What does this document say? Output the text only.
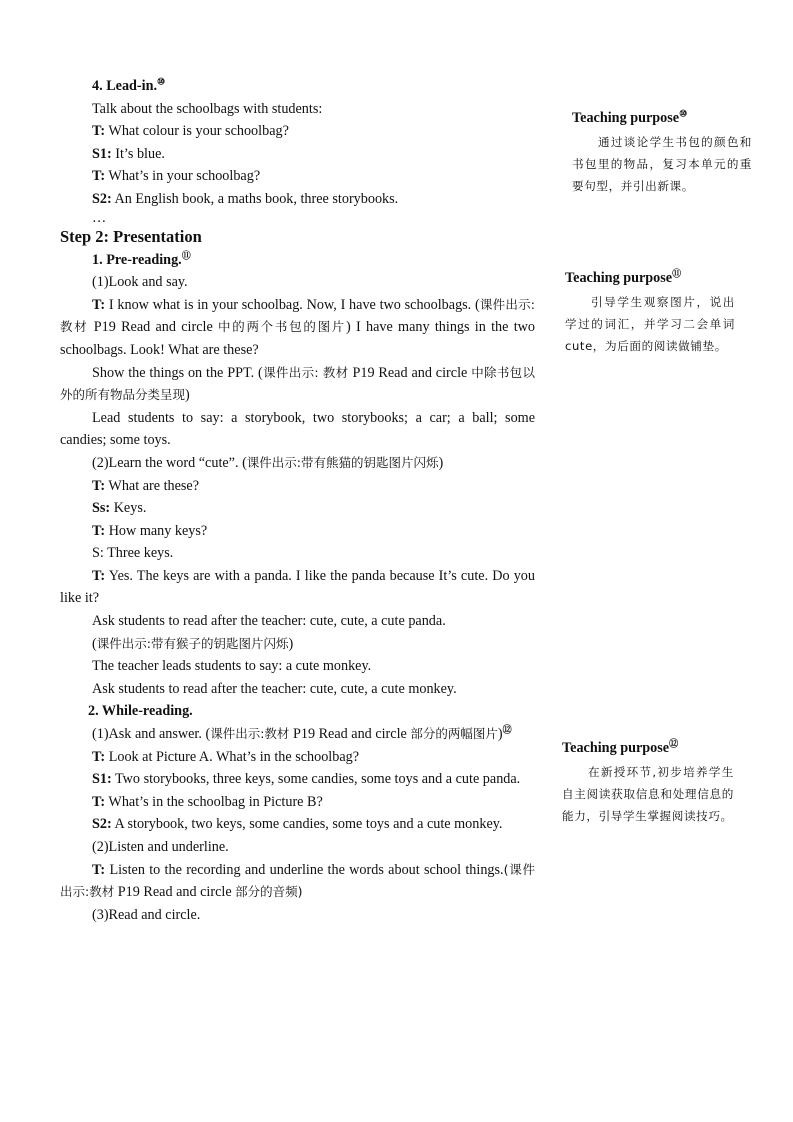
4. Lead-in.⑩

Talk about the schoolbags with students:

T: What colour is your schoolbag?

S1: It’s blue.

T: What’s in your schoolbag?

S2: An English book, a maths book, three storybooks.

…

Step 2: Presentation

1. Pre-reading.⑪

(1)Look and say.

T: I know what is in your schoolbag. Now, I have two schoolbags. (课件出示:教材 P19 Read and circle 中的两个书包的图片) I have many things in the two schoolbags. Look! What are these?

Show the things on the PPT. (课件出示: 教材 P19 Read and circle 中除书包以外的所有物品分类呈现)

Lead students to say: a storybook, two storybooks; a car; a ball; some candies; some toys.

(2)Learn the word “cute”. (课件出示:带有熊猫的钥匙图片闪烁)

T: What are these?

Ss: Keys.

T: How many keys?

S: Three keys.

T: Yes. The keys are with a panda. I like the panda because It’s cute. Do you like it?

Ask students to read after the teacher: cute, cute, a cute panda.

(课件出示:带有猴子的钥匙图片闪烁)

The teacher leads students to say: a cute monkey.

Ask students to read after the teacher: cute, cute, a cute monkey.

2. While-reading.

(1)Ask and answer. (课件出示:教材 P19 Read and circle 部分的两幅图片)⑫

T: Look at Picture A. What’s in the schoolbag?

S1: Two storybooks, three keys, some candies, some toys and a cute panda.

T: What’s in the schoolbag in Picture B?

S2: A storybook, two keys, some candies, some toys and a cute monkey.

(2)Listen and underline.

T: Listen to the recording and underline the words about school things.(课件出示:教材 P19 Read and circle 部分的音频)

(3)Read and circle.

Teaching purpose⑩

通过谈论学生书包的颜色和书包里的物品，复习本单元的重要句型，并引出新课。

Teaching purpose⑪

引导学生观察图片，说出学过的词汇，并学习二会单词 cute，为后面的阅读做铺垫。

Teaching purpose⑫

在新授环节,初步培养学生自主阅读获取信息和处理信息的能力，引导学生掌握阅读技巧。
